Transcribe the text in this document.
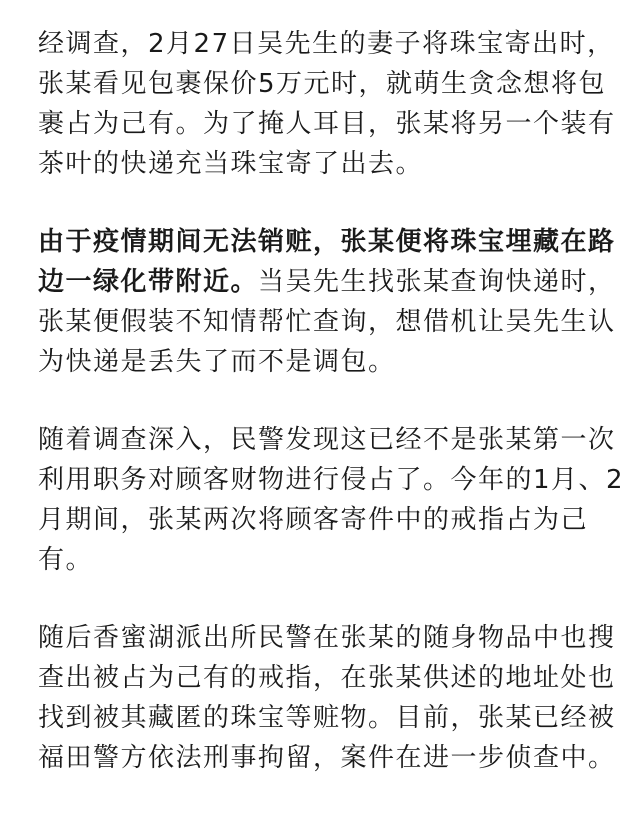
经调查，2月27日吴先生的妻子将珠宝寄出时，
张某看见包裹保价5万元时，就萌生贪念想将包
裹占为己有。为了掩人耳目，张某将另一个装有
茶叶的快递充当珠宝寄了出去。
由于疫情期间无法销赃，张某便将珠宝埋藏在路
边一绿化带附近。当吴先生找张某查询快递时，
张某便假装不知情帮忙查询，想借机让吴先生认
为快递是丢失了而不是调包。
随着调查深入，民警发现这已经不是张某第一次
利用职务对顾客财物进行侵占了。今年的1月、2
月期间，张某两次将顾客寄件中的戒指占为己
有。
随后香蜜湖派出所民警在张某的随身物品中也搜
查出被占为己有的戒指，在张某供述的地址处也
找到被其藏匿的珠宝等赃物。目前，张某已经被
福田警方依法刑事拘留，案件在进一步侦查中。
